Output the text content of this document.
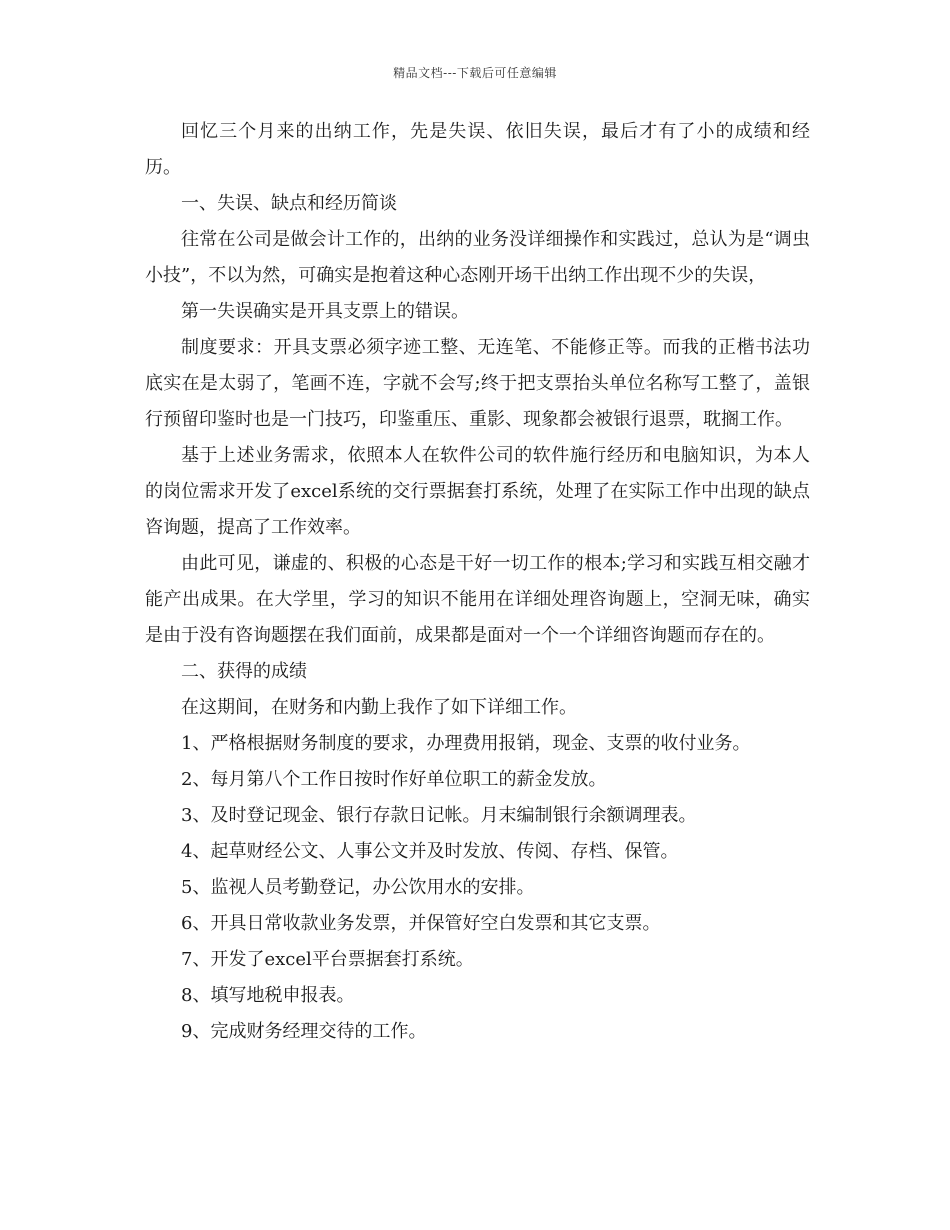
精品文档---下载后可任意编辑

回忆三个月来的出纳工作，先是失误、依旧失误，最后才有了小的成绩和经历。

一、失误、缺点和经历简谈

往常在公司是做会计工作的，出纳的业务没详细操作和实践过，总认为是“调虫小技”，不以为然，可确实是抱着这种心态刚开场干出纳工作出现不少的失误，

第一失误确实是开具支票上的错误。

制度要求：开具支票必须字迹工整、无连笔、不能修正等。而我的正楷书法功底实在是太弱了，笔画不连，字就不会写;终于把支票抬头单位名称写工整了，盖银行预留印鉴时也是一门技巧，印鉴重压、重影、现象都会被银行退票，耽搁工作。

基于上述业务需求，依照本人在软件公司的软件施行经历和电脑知识，为本人的岗位需求开发了excel系统的交行票据套打系统，处理了在实际工作中出现的缺点咨询题，提高了工作效率。

由此可见，谦虚的、积极的心态是干好一切工作的根本;学习和实践互相交融才能产出成果。在大学里，学习的知识不能用在详细处理咨询题上，空洞无味，确实是由于没有咨询题摆在我们面前，成果都是面对一个一个详细咨询题而存在的。

二、获得的成绩

在这期间，在财务和内勤上我作了如下详细工作。

1、严格根据财务制度的要求，办理费用报销，现金、支票的收付业务。

2、每月第八个工作日按时作好单位职工的薪金发放。

3、及时登记现金、银行存款日记帐。月末编制银行余额调理表。

4、起草财经公文、人事公文并及时发放、传阅、存档、保管。

5、监视人员考勤登记，办公饮用水的安排。

6、开具日常收款业务发票，并保管好空白发票和其它支票。

7、开发了excel平台票据套打系统。

8、填写地税申报表。

9、完成财务经理交待的工作。
